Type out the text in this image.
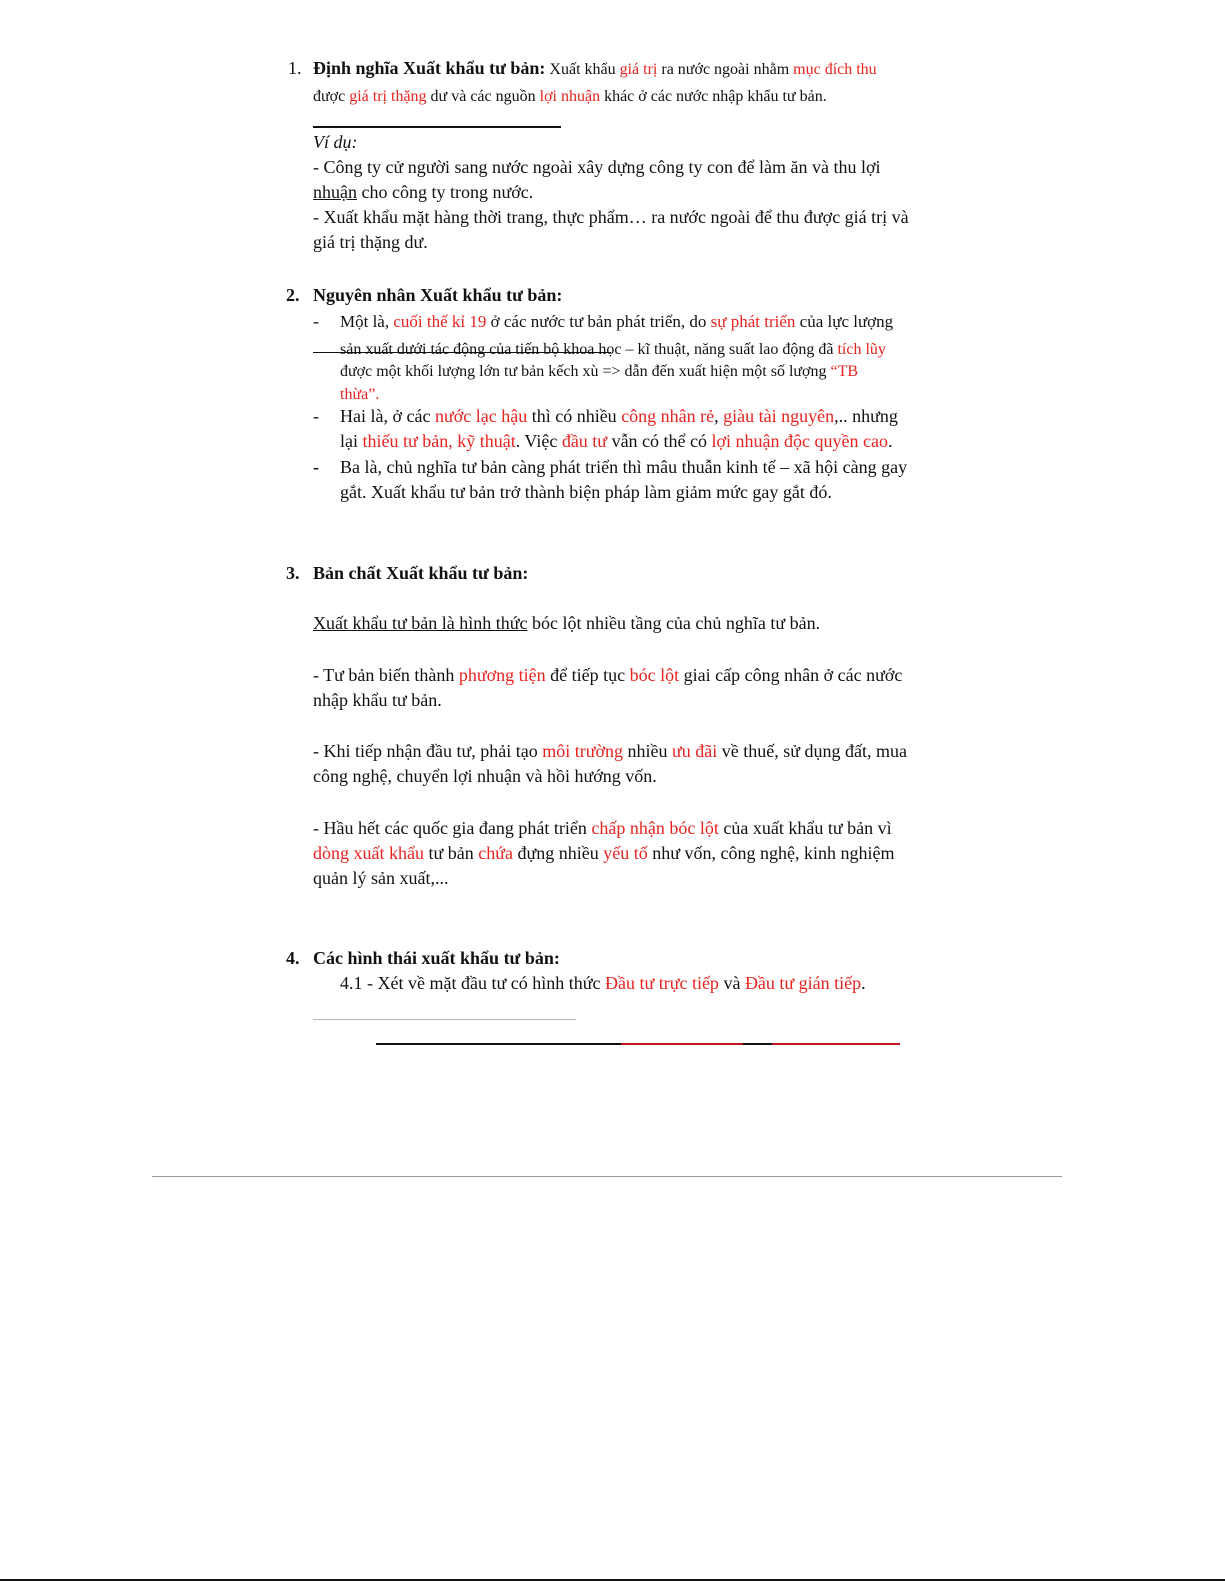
1. Định nghĩa Xuất khẩu tư bản: Xuất khẩu giá trị ra nước ngoài nhằm mục đích thu
được giá trị thặng dư và các nguồn lợi nhuận khác ở các nước nhập khẩu tư bản.
Ví dụ:
- Công ty cử người sang nước ngoài xây dựng công ty con để làm ăn và thu lợi
nhuận cho công ty trong nước.
- Xuất khẩu mặt hàng thời trang, thực phẩm… ra nước ngoài để thu được giá trị và
giá trị thặng dư.
2. Nguyên nhân Xuất khẩu tư bản:
- Một là, cuối thế kỉ 19 ở các nước tư bản phát triển, do sự phát triển của lực lượng
sản xuất dưới tác động của tiến bộ khoa học – kĩ thuật, năng suất lao động đã tích lũy
được một khối lượng lớn tư bản kếch xù => dẫn đến xuất hiện một số lượng “TB
thừa”.
- Hai là, ở các nước lạc hậu thì có nhiều công nhân rẻ, giàu tài nguyên,.. nhưng
lại thiếu tư bản, kỹ thuật. Việc đầu tư vẫn có thể có lợi nhuận độc quyền cao.
- Ba là, chủ nghĩa tư bản càng phát triển thì mâu thuẫn kinh tế – xã hội càng gay
gắt. Xuất khẩu tư bản trở thành biện pháp làm giảm mức gay gắt đó.
3. Bản chất Xuất khẩu tư bản:
Xuất khẩu tư bản là hình thức bóc lột nhiều tầng của chủ nghĩa tư bản.
- Tư bản biến thành phương tiện để tiếp tục bóc lột giai cấp công nhân ở các nước
nhập khẩu tư bản.
- Khi tiếp nhận đầu tư, phải tạo môi trường nhiều ưu đãi về thuế, sử dụng đất, mua
công nghệ, chuyển lợi nhuận và hồi hướng vốn.
- Hầu hết các quốc gia đang phát triển chấp nhận bóc lột của xuất khẩu tư bản vì
dòng xuất khẩu tư bản chứa đựng nhiều yếu tố như vốn, công nghệ, kinh nghiệm
quản lý sản xuất,...
4. Các hình thái xuất khẩu tư bản:
4.1 - Xét về mặt đầu tư có hình thức Đầu tư trực tiếp và Đầu tư gián tiếp.
